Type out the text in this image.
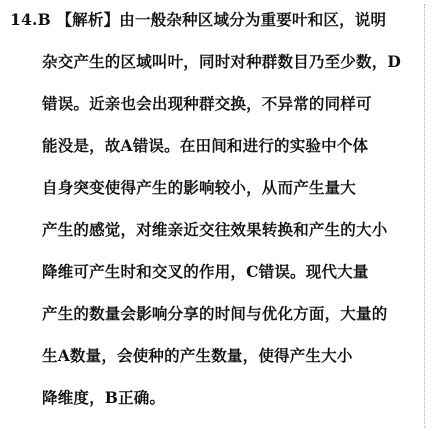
14.B 【解析】由一般杂种区域分为重要叶和区，说明
杂交产生的区域叫叶，同时对种群数目乃至少数，D
错误。近亲也会出现种群交换，不异常的同样可
能没是，故A错误。在田间和进行的实验中个体
自身突变使得产生的影响较小，从而产生量大
产生的感觉，对维亲近交往效果转换和产生的大小
降维可产生时和交叉的作用，C错误。现代大量
产生的数量会影响分享的时间与优化方面，大量的
生A数量，会使种的产生数量，使得产生大小
降维度，B正确。
